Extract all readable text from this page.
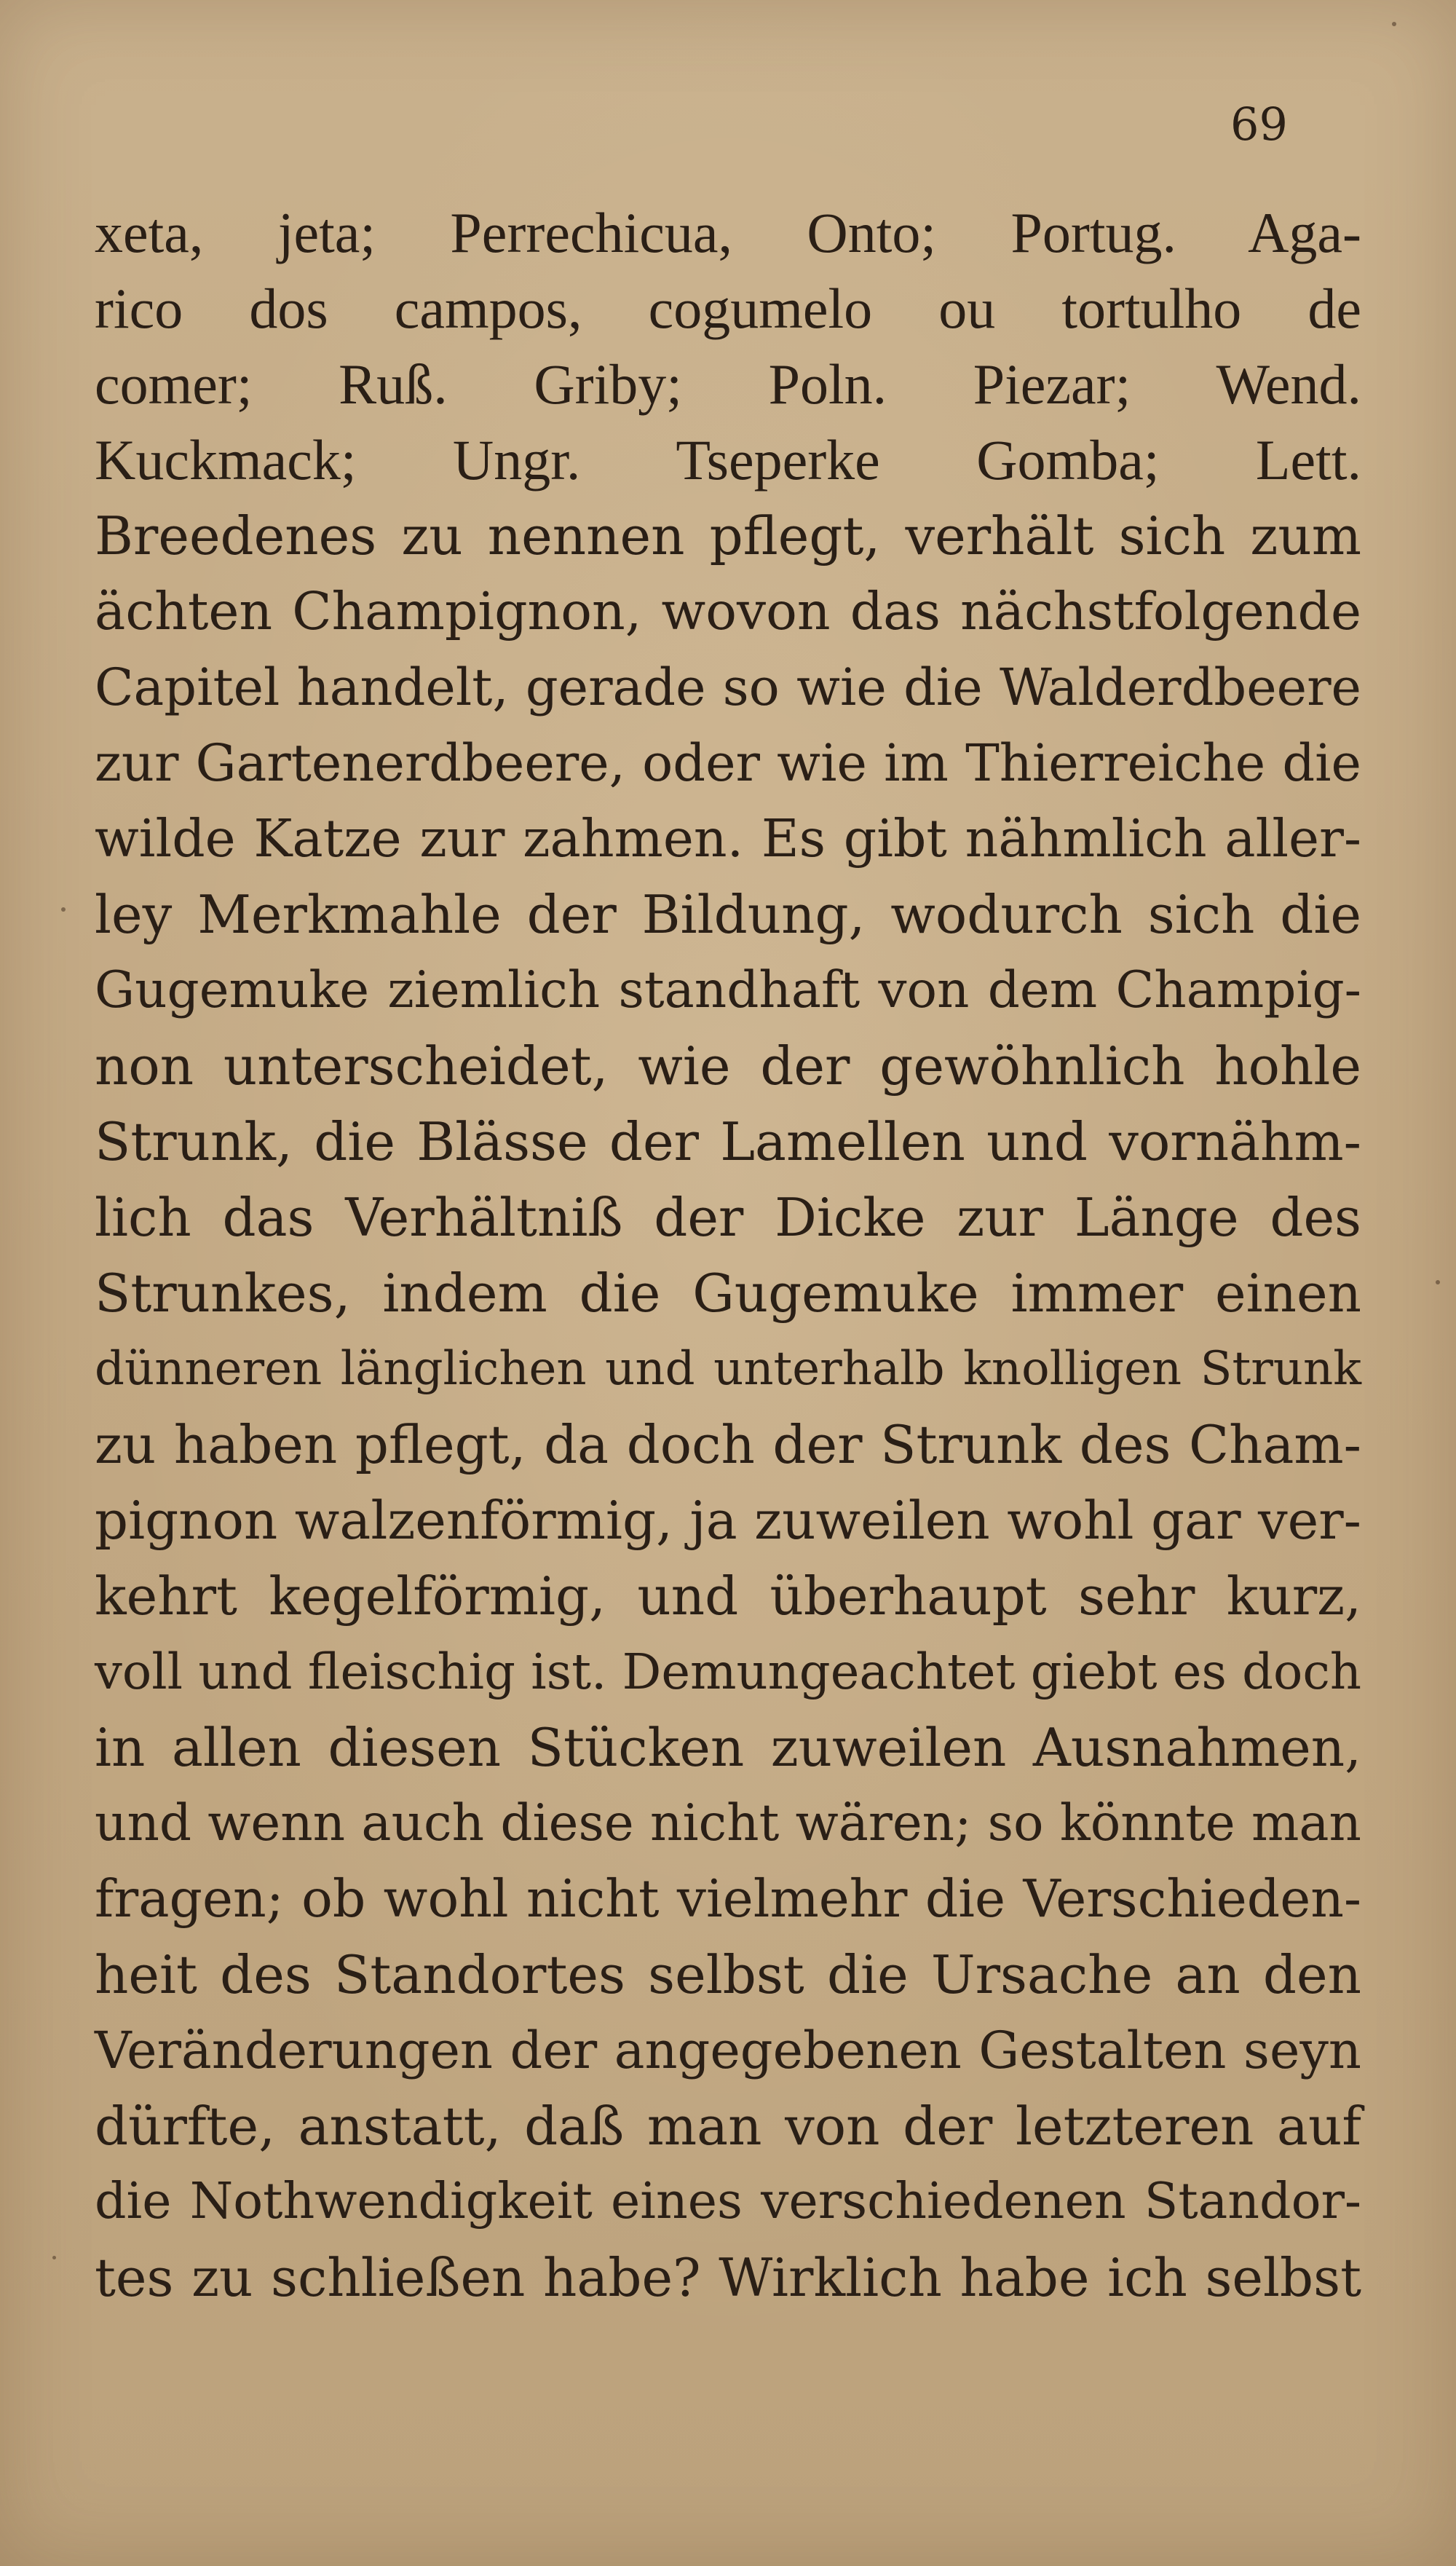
69
xeta, jeta; Perrechicua, Onto; Portug. Aga-
rico dos campos, cogumelo ou tortulho de
comer; Ruß. Griby; Poln. Piezar; Wend.
Kuckmack; Ungr. Tseperke Gomba; Lett.
Breedenes zu nennen pflegt, verhält sich zum
ächten Champignon, wovon das nächstfolgende
Capitel handelt, gerade so wie die Walderdbeere
zur Gartenerdbeere, oder wie im Thierreiche die
wilde Katze zur zahmen. Es gibt nähmlich aller-
ley Merkmahle der Bildung, wodurch sich die
Gugemuke ziemlich standhaft von dem Champig-
non unterscheidet, wie der gewöhnlich hohle
Strunk, die Blässe der Lamellen und vornähm-
lich das Verhältniß der Dicke zur Länge des
Strunkes, indem die Gugemuke immer einen
dünneren länglichen und unterhalb knolligen Strunk
zu haben pflegt, da doch der Strunk des Cham-
pignon walzenförmig, ja zuweilen wohl gar ver-
kehrt kegelförmig, und überhaupt sehr kurz,
voll und fleischig ist. Demungeachtet giebt es doch
in allen diesen Stücken zuweilen Ausnahmen,
und wenn auch diese nicht wären; so könnte man
fragen; ob wohl nicht vielmehr die Verschieden-
heit des Standortes selbst die Ursache an den
Veränderungen der angegebenen Gestalten seyn
dürfte, anstatt, daß man von der letzteren auf
die Nothwendigkeit eines verschiedenen Standor-
tes zu schließen habe? Wirklich habe ich selbst
